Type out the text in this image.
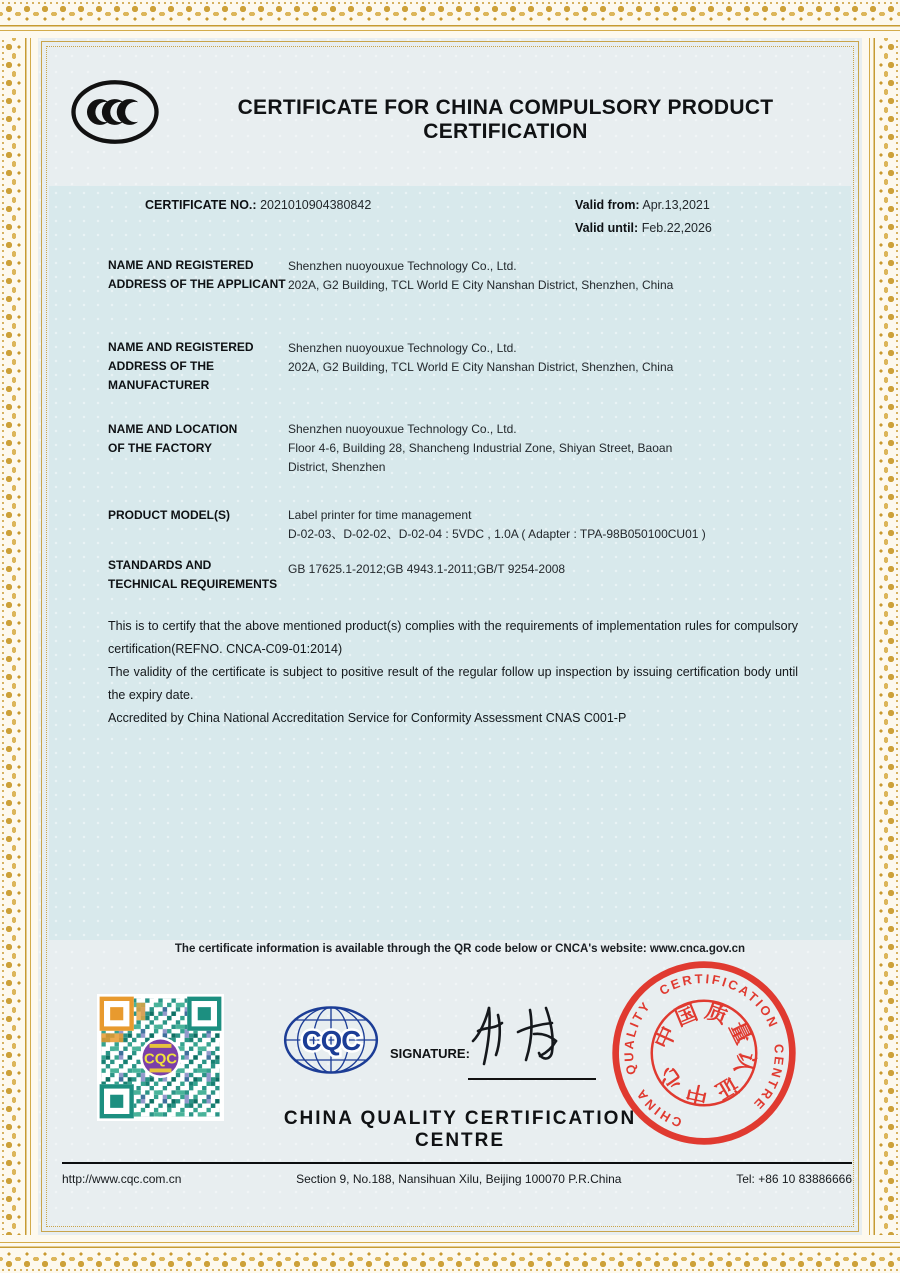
CERTIFICATE FOR CHINA COMPULSORY PRODUCT CERTIFICATION
CERTIFICATE NO.: 2021010904380842	Valid from: Apr.13,2021
Valid until: Feb.22,2026
NAME AND REGISTERED
ADDRESS OF THE APPLICANT
Shenzhen nuoyouxue Technology Co., Ltd.
202A, G2 Building, TCL World E City Nanshan District, Shenzhen, China
NAME AND REGISTERED
ADDRESS OF THE
MANUFACTURER
Shenzhen nuoyouxue Technology Co., Ltd.
202A, G2 Building, TCL World E City Nanshan District, Shenzhen, China
NAME AND LOCATION
OF THE FACTORY
Shenzhen nuoyouxue Technology Co., Ltd.
Floor 4-6, Building 28, Shancheng Industrial Zone, Shiyan Street, Baoan
District, Shenzhen
PRODUCT MODEL(S)	Label printer for time management
D-02-03、D-02-02、D-02-04 : 5VDC , 1.0A ( Adapter : TPA-98B050100CU01 )
STANDARDS AND
TECHNICAL REQUIREMENTS
GB 17625.1-2012;GB 4943.1-2011;GB/T 9254-2008
This is to certify that the above mentioned product(s) complies with the requirements of implementation rules for compulsory certification(REFNO. CNCA-C09-01:2014)
The validity of the certificate is subject to positive result of the regular follow up inspection by issuing certification body until the expiry date.
Accredited by China National Accreditation Service for Conformity Assessment CNAS C001-P
The certificate information is available through the QR code below or CNCA's website: www.cnca.gov.cn
CQC
CQC SIGNATURE:
CHINA QUALITY CERTIFICATION CENTRE
中国质量认证中心
CHINA QUALITY CERTIFICATION CENTRE
http://www.cqc.com.cn	Section 9, No.188, Nansihuan Xilu, Beijing 100070 P.R.China	Tel: +86 10 83886666
